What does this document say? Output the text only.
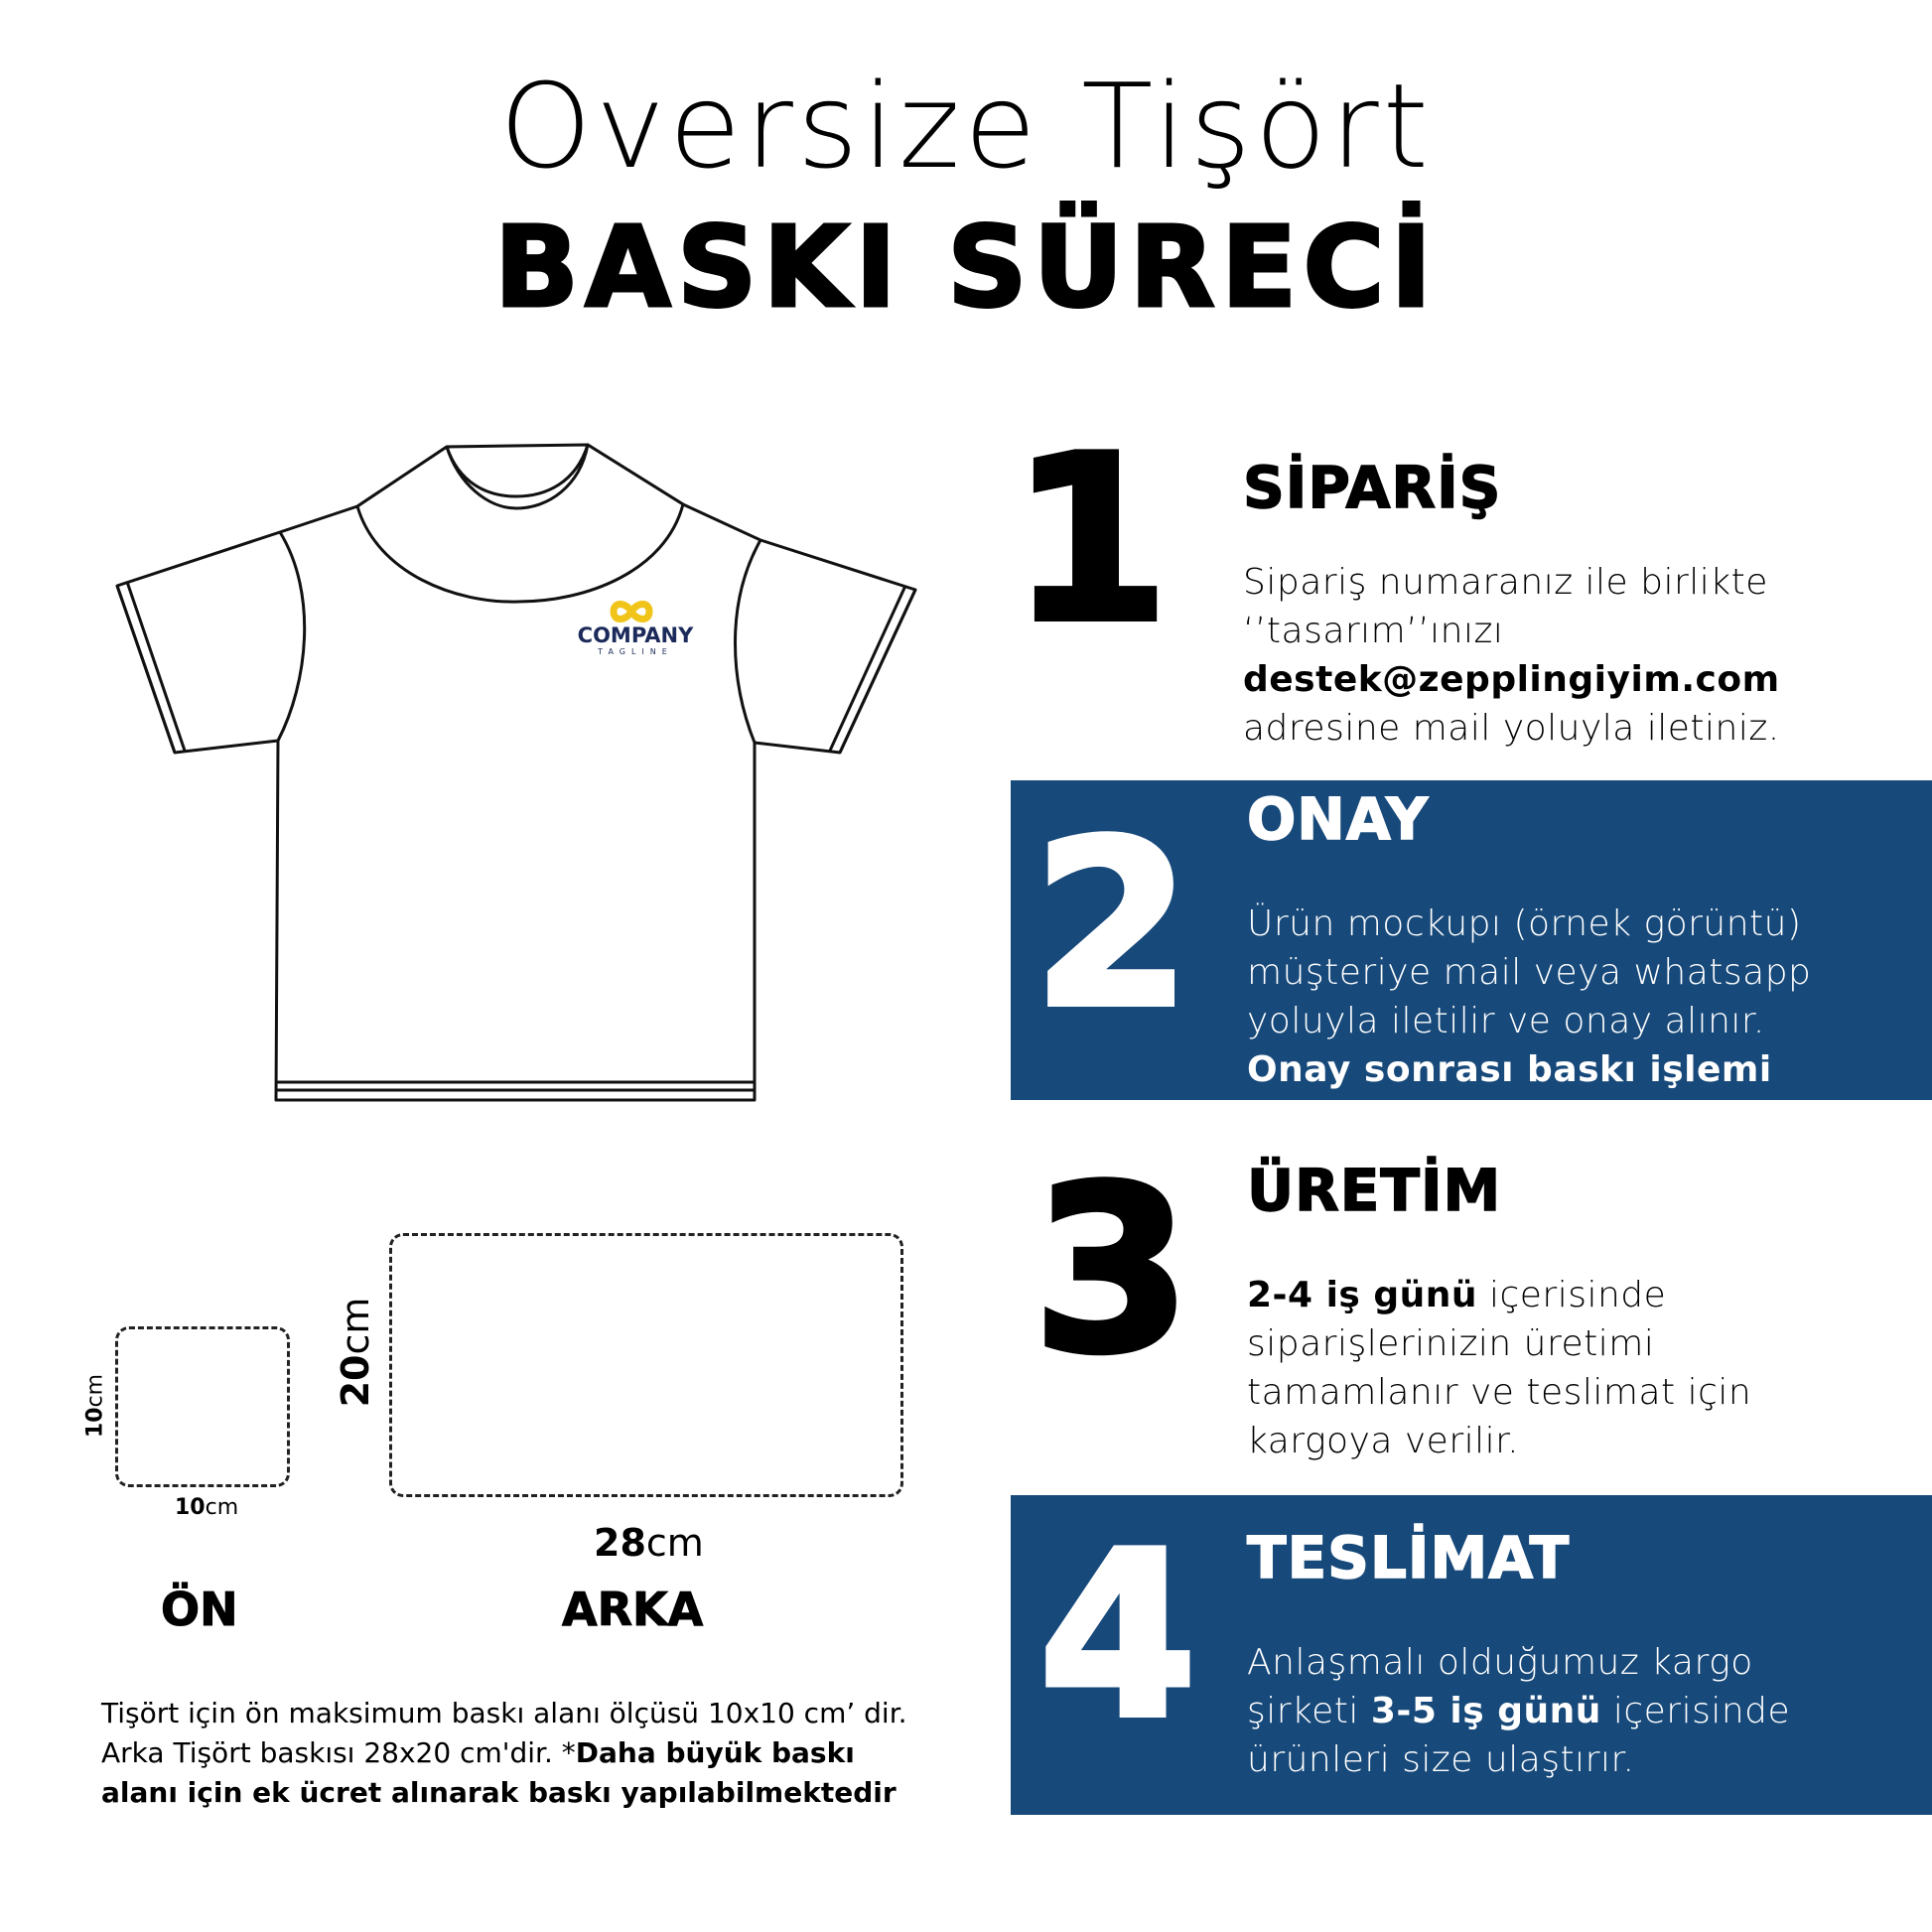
Oversize Tişört
BASKI SÜRECİ
COMPANY
TAGLINE
10cm
10cm
20cm
28cm
ÖN	ARKA
Tişört için ön maksimum baskı alanı ölçüsü 10x10 cm’ dir. Arka Tişört baskısı 28x20 cm'dir. *Daha büyük baskı alanı için ek ücret alınarak baskı yapılabilmektedir
1	SİPARİŞ
Sipariş numaranız ile birlikte
‘’tasarım’’ınızı
destek@zepplingiyim.com
adresine mail yoluyla iletiniz.
2 ONAY
Ürün mockupı (örnek görüntü)
müşteriye mail veya whatsapp
yoluyla iletilir ve onay alınır.
Onay sonrası baskı işlemi başlatılır.
3 ÜRETİM
2-4 iş günü içerisinde
siparişlerinizin üretimi
tamamlanır ve teslimat için
kargoya verilir.
4 TESLİMAT
Anlaşmalı olduğumuz kargo
şirketi 3-5 iş günü içerisinde
ürünleri size ulaştırır.
